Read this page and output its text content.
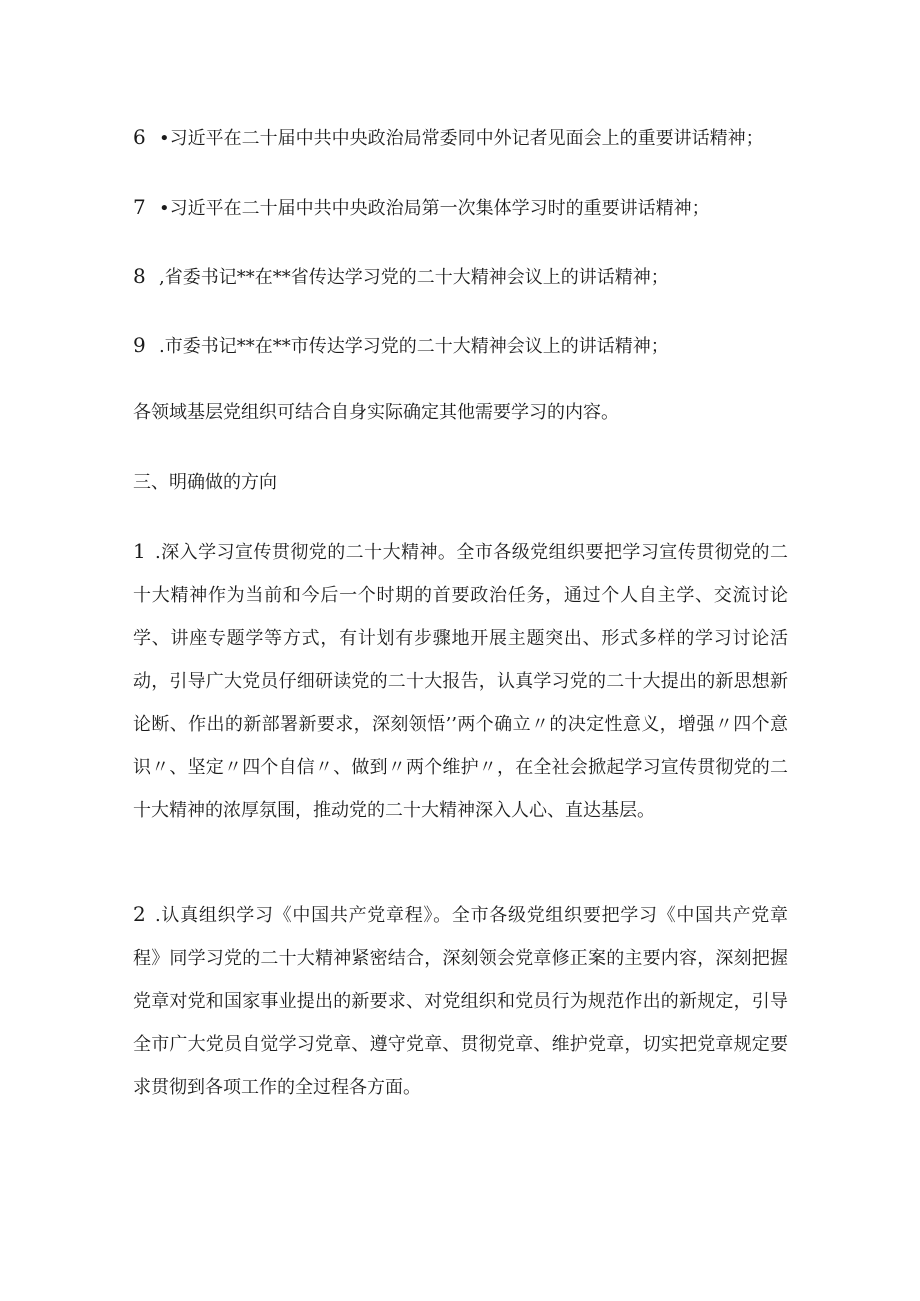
6 •习近平在二十届中共中央政治局常委同中外记者见面会上的重要讲话精神；
7 •习近平在二十届中共中央政治局第一次集体学习时的重要讲话精神；
8 ,省委书记**在**省传达学习党的二十大精神会议上的讲话精神；
9 .市委书记**在**市传达学习党的二十大精神会议上的讲话精神；
各领域基层党组织可结合自身实际确定其他需要学习的内容。
三、明确做的方向
1 .深入学习宣传贯彻党的二十大精神。全市各级党组织要把学习宣传贯彻党的二十大精神作为当前和今后一个时期的首要政治任务，通过个人自主学、交流讨论学、讲座专题学等方式，有计划有步骤地开展主题突出、形式多样的学习讨论活动，引导广大党员仔细研读党的二十大报告，认真学习党的二十大提出的新思想新论断、作出的新部署新要求，深刻领悟’’两个确立〃的决定性意义，增强〃四个意识〃、坚定〃四个自信〃、做到〃两个维护〃，在全社会掀起学习宣传贯彻党的二十大精神的浓厚氛围，推动党的二十大精神深入人心、直达基层。
2 .认真组织学习《中国共产党章程》。全市各级党组织要把学习《中国共产党章程》同学习党的二十大精神紧密结合，深刻领会党章修正案的主要内容，深刻把握党章对党和国家事业提出的新要求、对党组织和党员行为规范作出的新规定，引导全市广大党员自觉学习党章、遵守党章、贯彻党章、维护党章，切实把党章规定要求贯彻到各项工作的全过程各方面。
